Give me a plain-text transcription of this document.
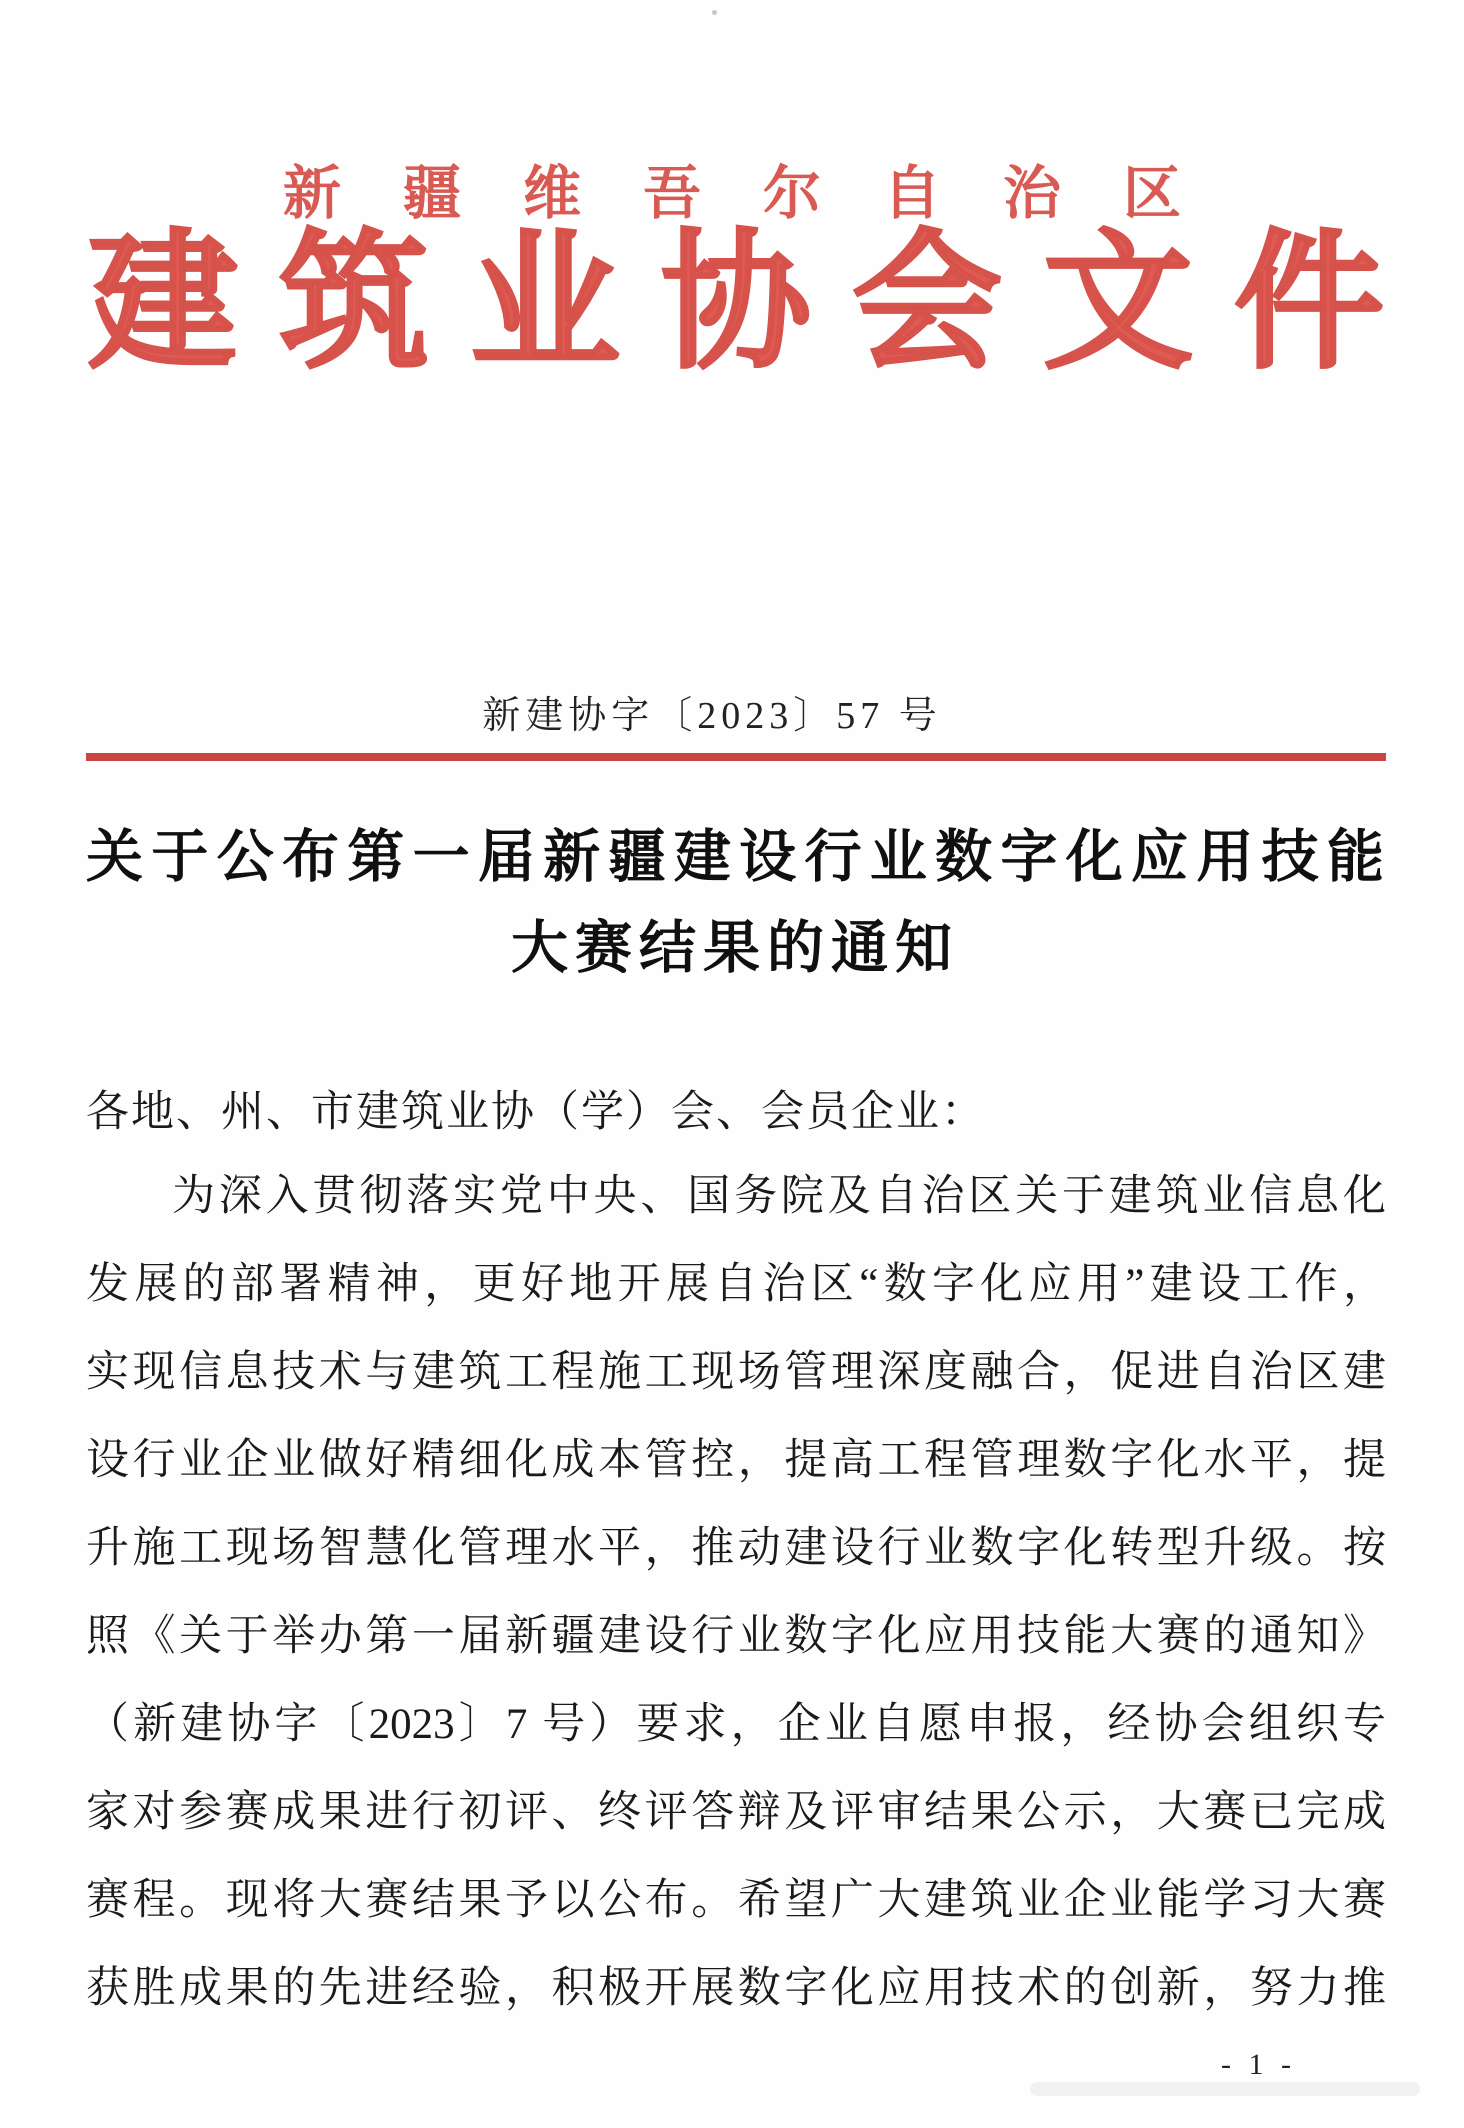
新疆维吾尔自治区
建筑业协会文件
新建协字〔2023〕57 号
关于公布第一届新疆建设行业数字化应用技能
大赛结果的通知
各地、州、市建筑业协（学）会、会员企业：
为深入贯彻落实党中央、国务院及自治区关于建筑业信息化
发展的部署精神，更好地开展自治区“数字化应用”建设工作，
实现信息技术与建筑工程施工现场管理深度融合，促进自治区建
设行业企业做好精细化成本管控，提高工程管理数字化水平，提
升施工现场智慧化管理水平，推动建设行业数字化转型升级。按
照《关于举办第一届新疆建设行业数字化应用技能大赛的通知》
（新建协字〔2023〕7 号）要求，企业自愿申报，经协会组织专
家对参赛成果进行初评、终评答辩及评审结果公示，大赛已完成
赛程。现将大赛结果予以公布。希望广大建筑业企业能学习大赛
获胜成果的先进经验，积极开展数字化应用技术的创新，努力推
- 1 -
